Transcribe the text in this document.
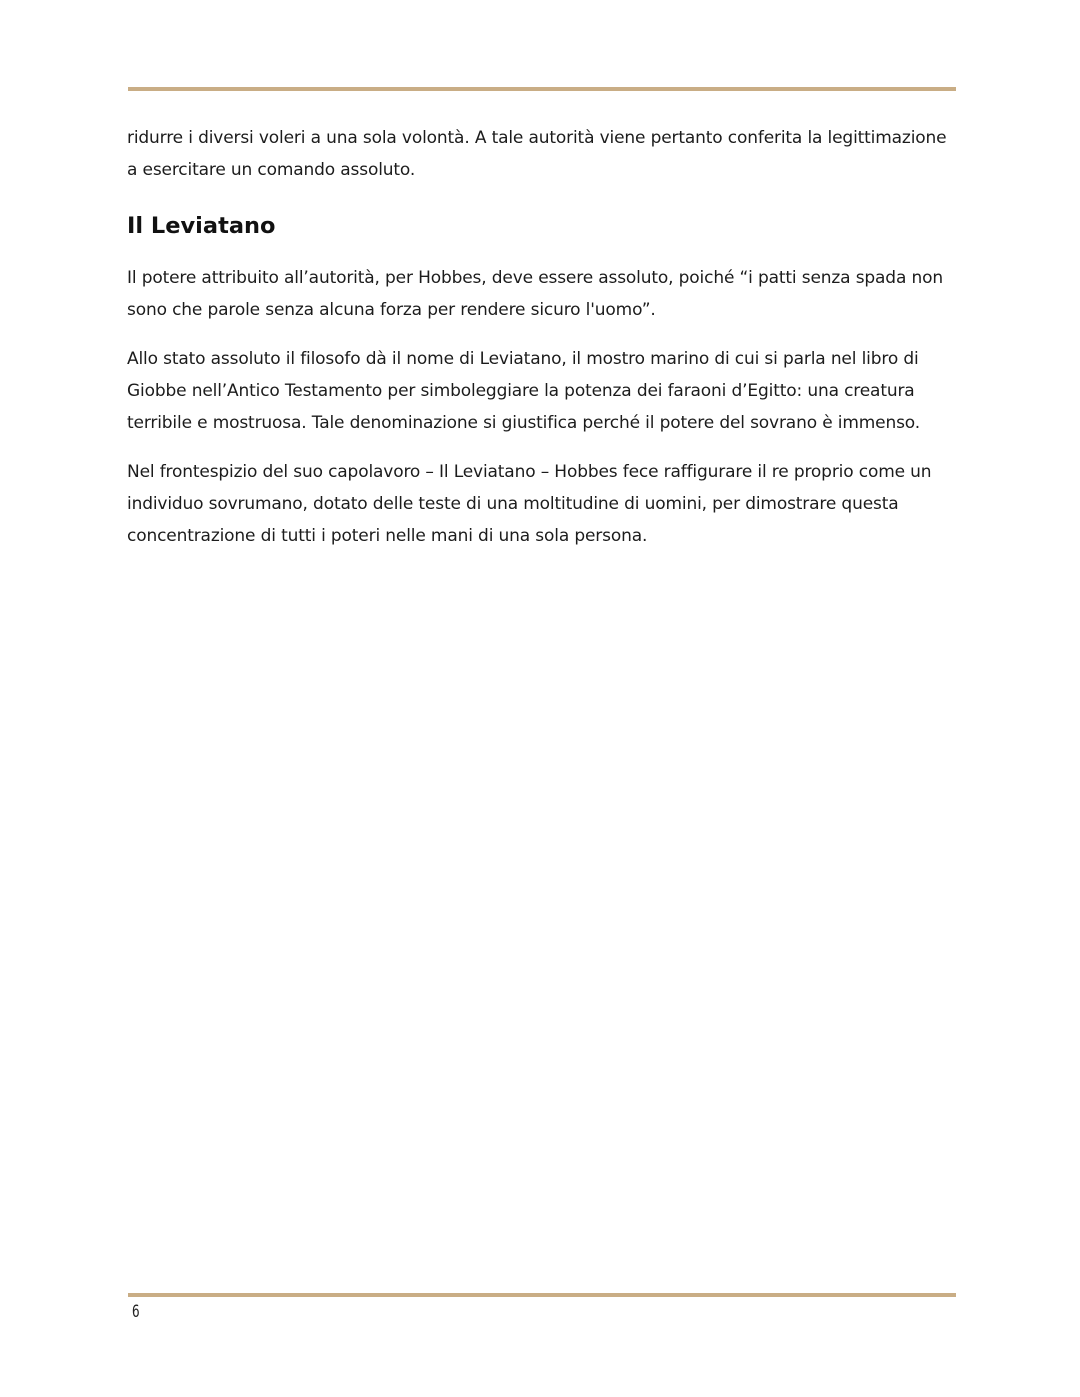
ridurre i diversi voleri a una sola volontà. A tale autorità viene pertanto conferita la legittimazione a esercitare un comando assoluto.

Il Leviatano

Il potere attribuito all’autorità, per Hobbes, deve essere assoluto, poiché “i patti senza spada non sono che parole senza alcuna forza per rendere sicuro l'uomo”.

Allo stato assoluto il filosofo dà il nome di Leviatano, il mostro marino di cui si parla nel libro di Giobbe nell’Antico Testamento per simboleggiare la potenza dei faraoni d’Egitto: una creatura terribile e mostruosa. Tale denominazione si giustifica perché il potere del sovrano è immenso.

Nel frontespizio del suo capolavoro – Il Leviatano – Hobbes fece raffigurare il re proprio come un individuo sovrumano, dotato delle teste di una moltitudine di uomini, per dimostrare questa concentrazione di tutti i poteri nelle mani di una sola persona.

6
